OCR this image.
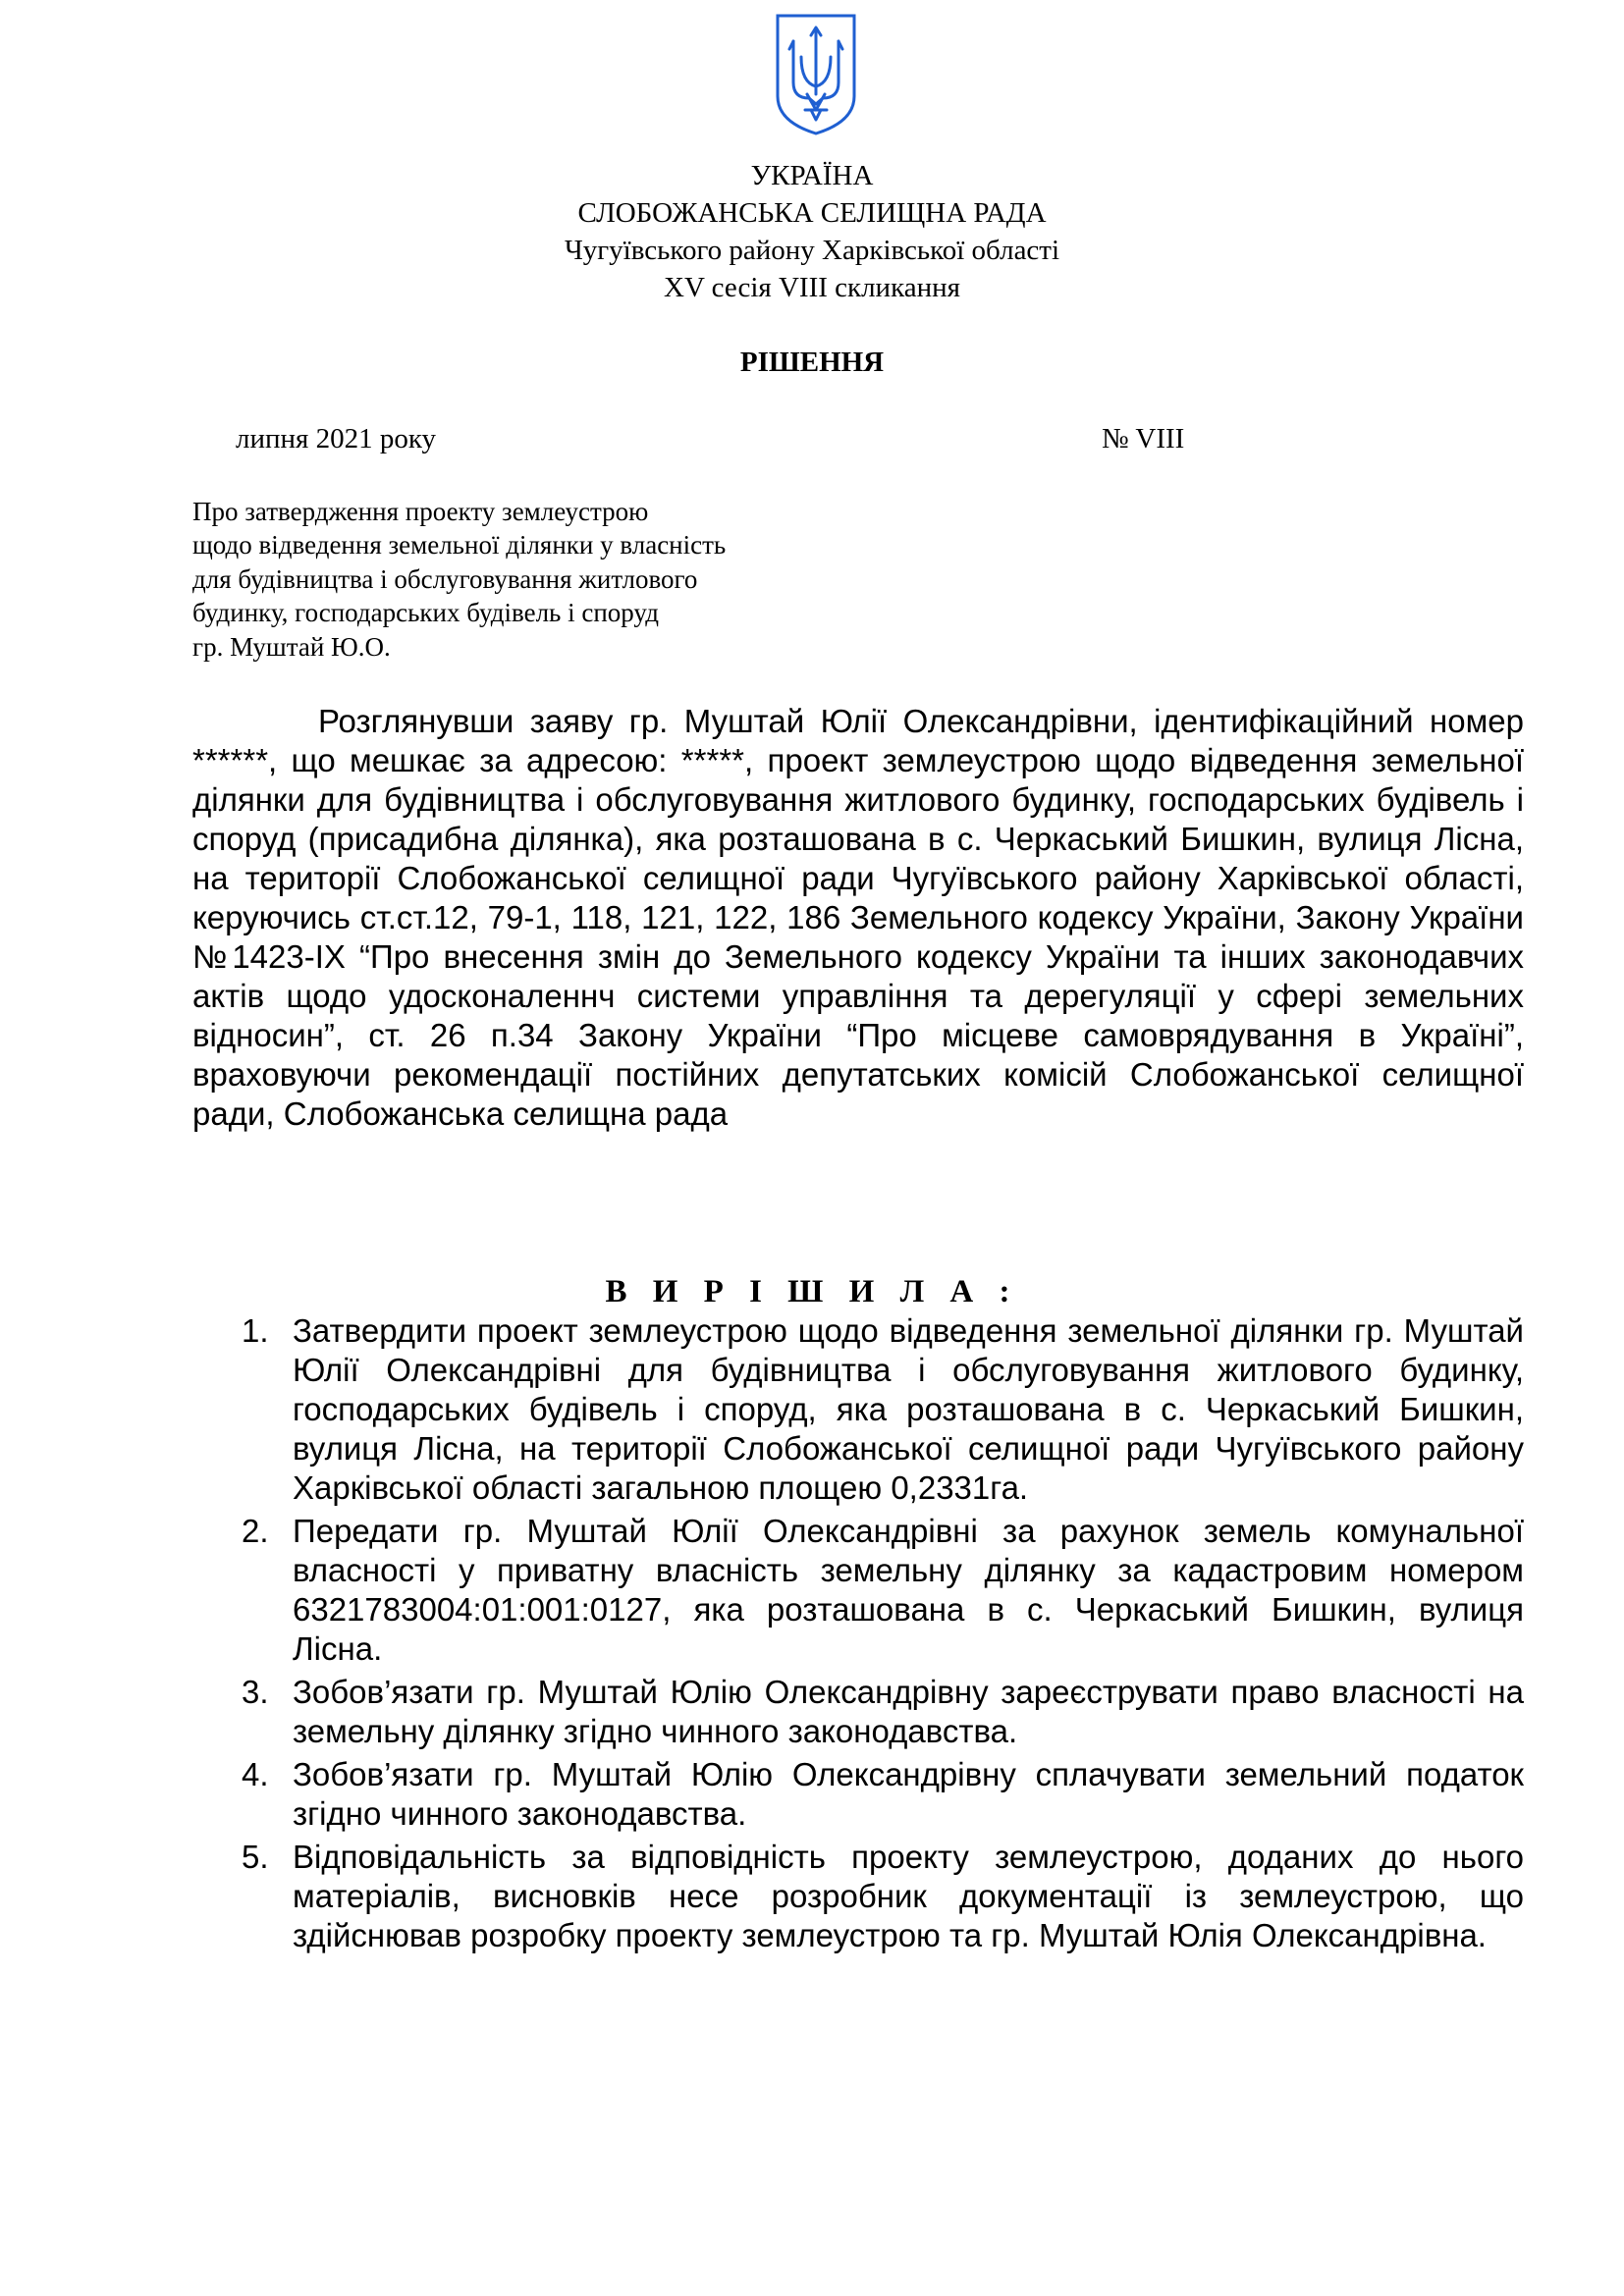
УКРАЇНА
СЛОБОЖАНСЬКА СЕЛИЩНА РАДА
Чугуївського району Харківської області
XV сесія VIII скликання
РІШЕННЯ
липня 2021 року	№ VIII
Про затвердження проекту землеустрою
щодо відведення земельної ділянки у власність
для будівництва і обслуговування житлового
будинку, господарських будівель і споруд
гр. Муштай Ю.О.
Розглянувши заяву гр. Муштай Юлії Олександрівни, ідентифікаційний номер ******, що мешкає за адресою: *****, проект землеустрою щодо відведення земельної ділянки для будівництва і обслуговування житлового будинку, господарських будівель і споруд (присадибна ділянка), яка розташована в с. Черкаський Бишкин, вулиця Лісна, на території Слобожанської селищної ради Чугуївського району Харківської області, керуючись ст.ст.12, 79-1, 118, 121, 122, 186 Земельного кодексу України, Закону України №1423-ІХ “Про внесення змін до Земельного кодексу України та інших законодавчих актів щодо удосконаленнч системи управління та дерегуляції у сфері земельних відносин”, ст. 26 п.34 Закону України “Про місцеве самоврядування в Україні”, враховуючи рекомендації постійних депутатських комісій Слобожанської селищної ради, Слобожанська селищна рада
В И Р І Ш И Л А :
1. Затвердити проект землеустрою щодо відведення земельної ділянки гр. Муштай Юлії Олександрівні для будівництва і обслуговування житлового будинку, господарських будівель і споруд, яка розташована в с. Черкаський Бишкин, вулиця Лісна, на території Слобожанської селищної ради Чугуївського району Харківської області загальною площею 0,2331га.
2. Передати гр. Муштай Юлії Олександрівні за рахунок земель комунальної власності у приватну власність земельну ділянку за кадастровим номером 6321783004:01:001:0127, яка розташована в с. Черкаський Бишкин, вулиця Лісна.
3. Зобов’язати гр. Муштай Юлію Олександрівну зареєструвати право власності на земельну ділянку згідно чинного законодавства.
4. Зобов’язати гр. Муштай Юлію Олександрівну сплачувати земельний податок згідно чинного законодавства.
5. Відповідальність за відповідність проекту землеустрою, доданих до нього матеріалів, висновків несе розробник документації із землеустрою, що здійснював розробку проекту землеустрою та гр. Муштай Юлія Олександрівна.
